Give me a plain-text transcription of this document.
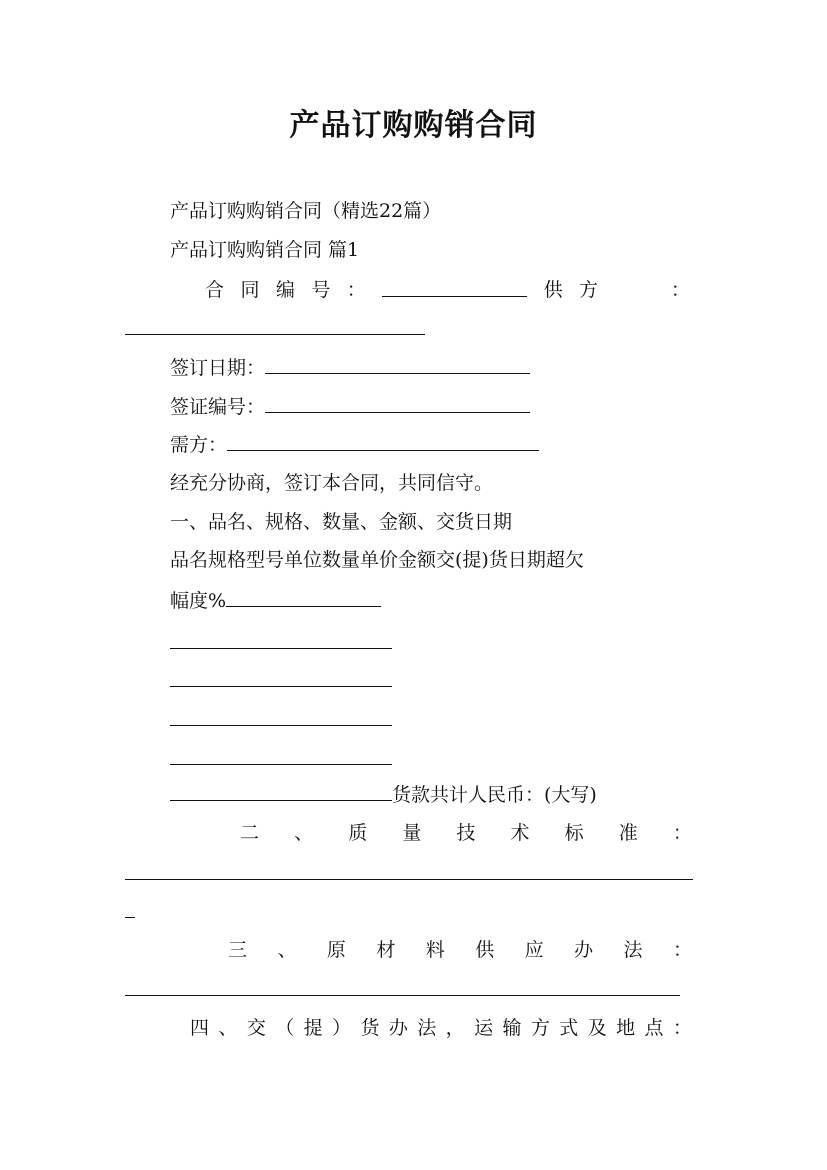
产品订购购销合同
产品订购购销合同（精选22篇）
产品订购购销合同 篇1
合 同 编 号 ：	供 方	：
签订日期：
签证编号：
需方：
经充分协商，签订本合同，共同信守。
一、品名、规格、数量、金额、交货日期
品名规格型号单位数量单价金额交(提)货日期超欠
幅度%
货款共计人民币：(大写)
二 、 质 量 技 术 标 准 ：
三 、 原 材 料 供 应 办 法 ：
四 、 交 （ 提 ） 货 办 法 ， 运 输 方 式 及 地 点 ：
